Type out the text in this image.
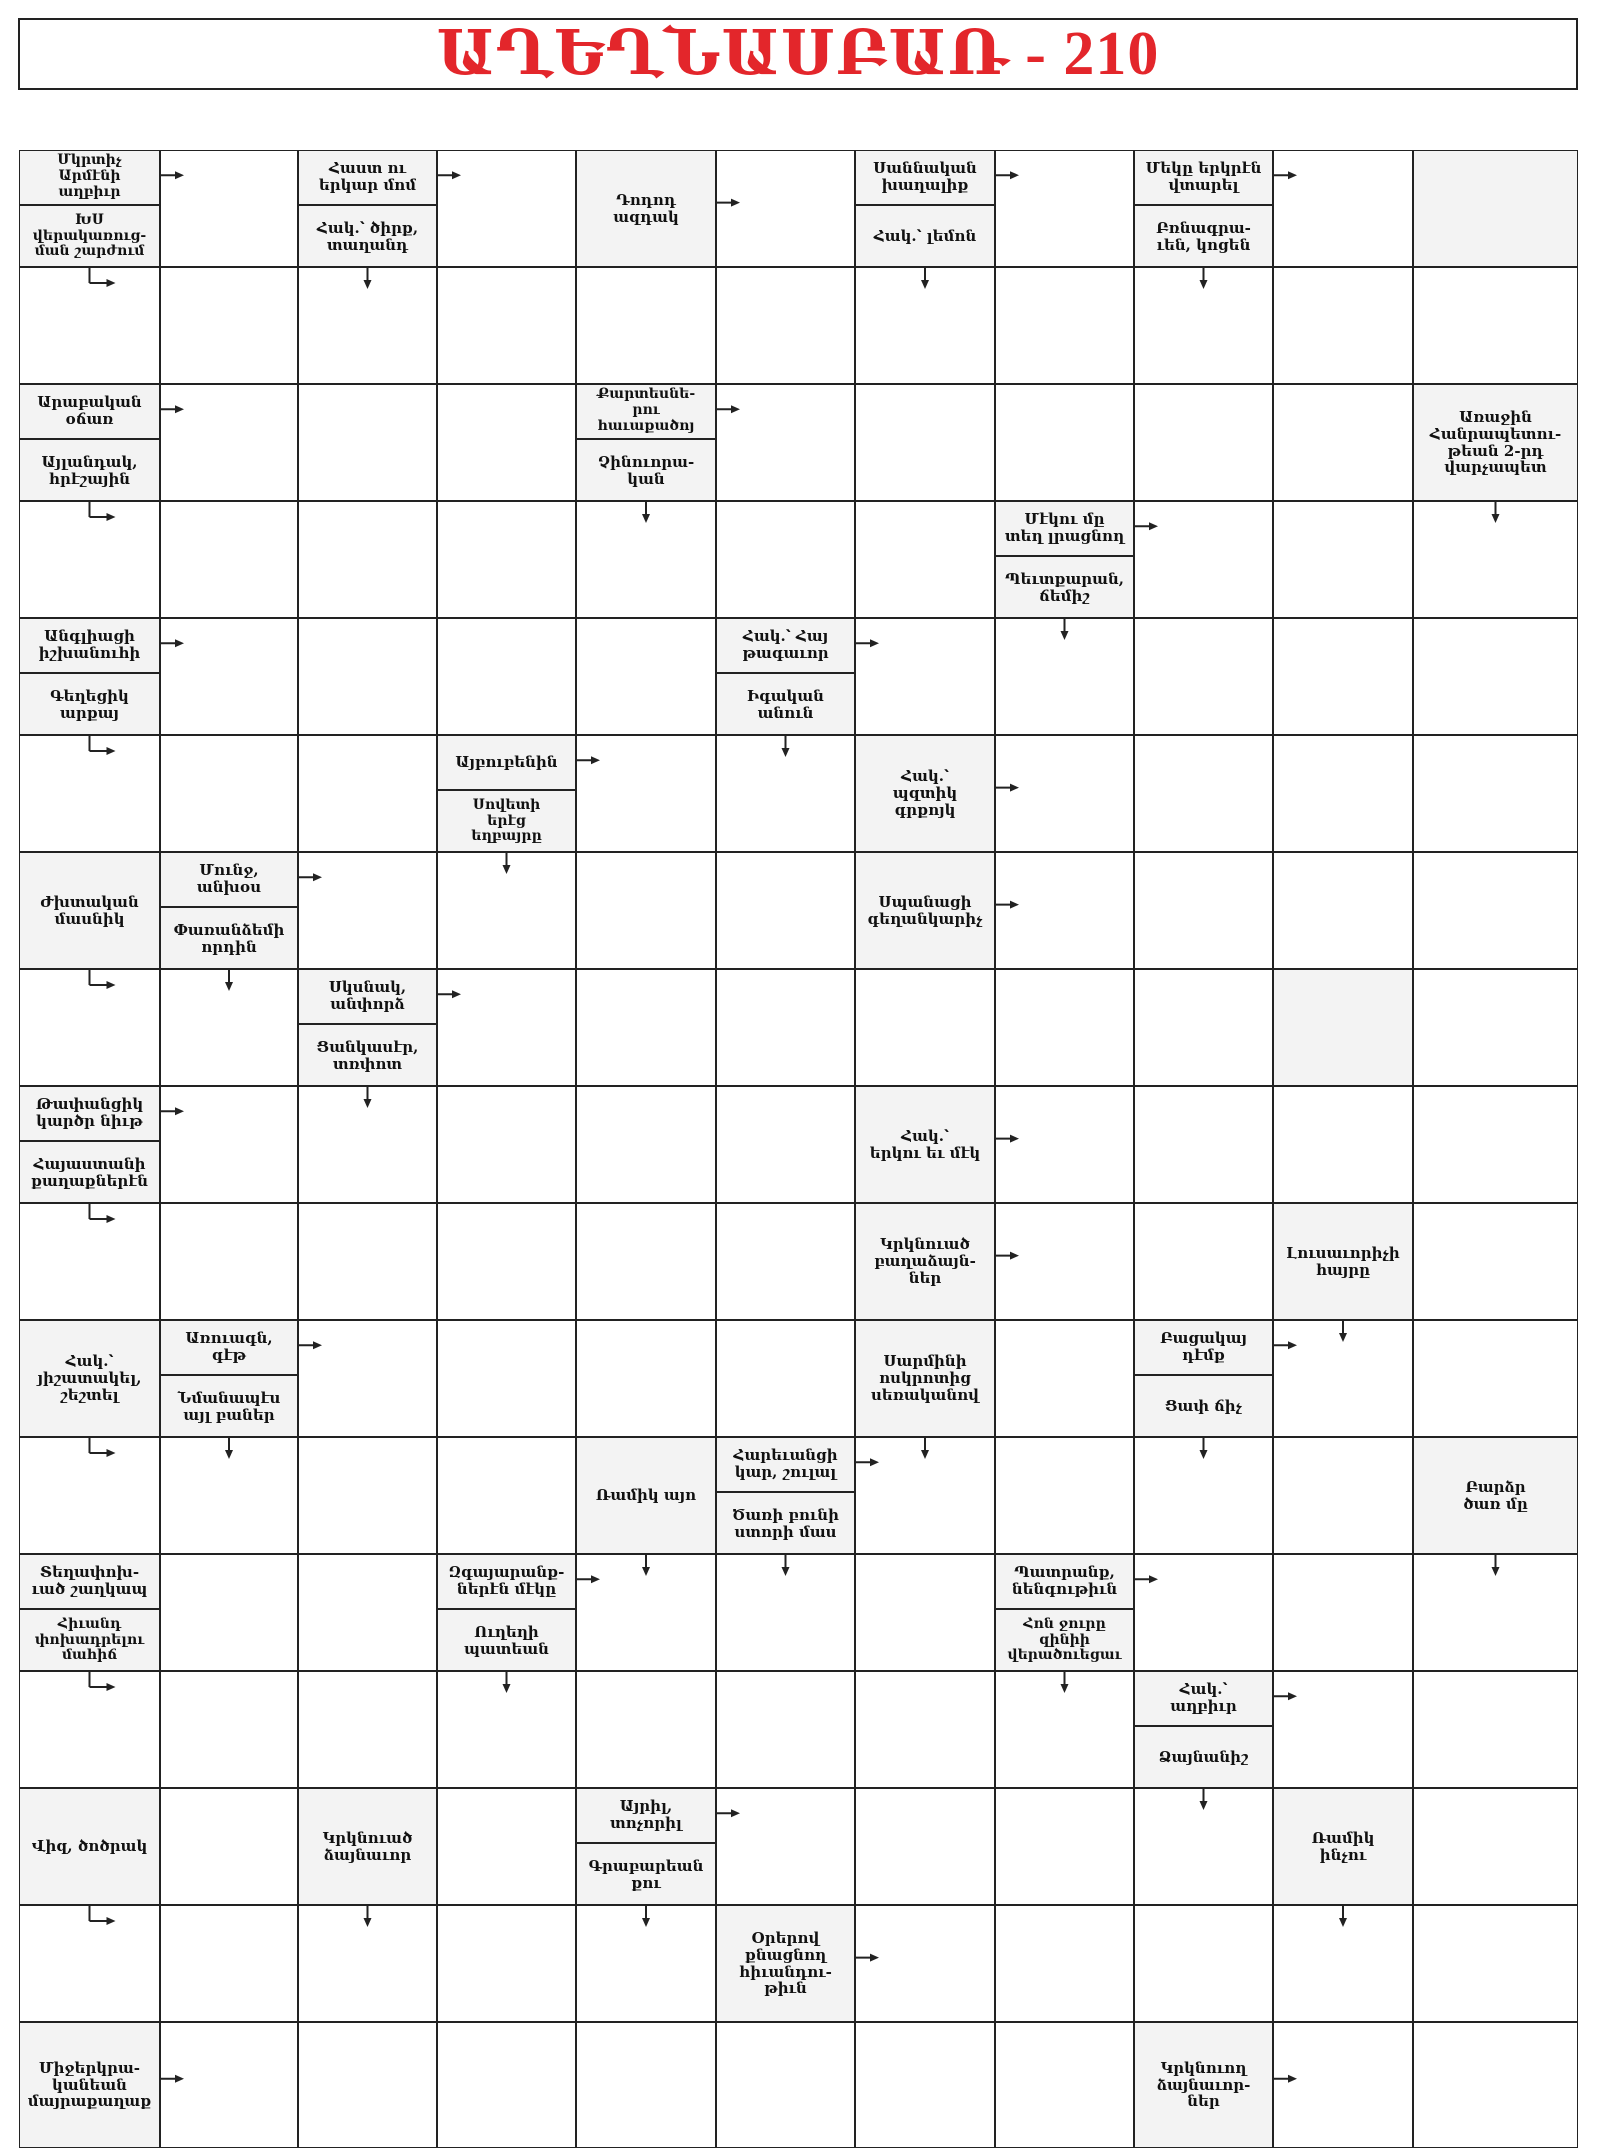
ԱՂԵՂՆԱՍԲԱՌ - 210
Մկրտիչ
Արմէնի
աղբիւր
ԽՍ
վերակառուց-
ման շարժում
Հաստ ու
երկար մոմ
Հակ.՝ ծիրք,
տաղանդ
Դոդոդ
ազդակ
Սաննական
խաղալիք
Հակ.՝ լեմոն
Մեկը երկրէն
վտարել
Բռնագրա-
ւեն, կոցեն
Արաբական
օճառ
Այլանդակ,
հրէշային
Քարտեսնե-
րու
հաւաքածոյ
Չինուորա-
կան
Առաջին
Հանրապետու-
թեան 2-րդ
վարչապետ
Մէկու մը
տեղ լրացնող
Պեւտքարան,
ճեմիշ
Անգլիացի
իշխանուհի
Գեղեցիկ
արքայ
Հակ.՝ Հայ
թագաւոր
Իգական
անուն
Այբուբենին
Սովետի
երէց
եղբայրը
Հակ.՝
պզտիկ
գրքոյկ
Ժխտական
մասնիկ
Մունջ,
անխօս
Փառանձեմի
որդին
Սպանացի
գեղանկարիչ
Սկսնակ,
անփորձ
Ցանկասէր,
տռփոտ
Թափանցիկ
կարծր նիւթ
Հայաստանի
քաղաքներէն
Հակ.՝
երկու եւ մէկ
Կրկնուած
բաղաձայն-
ներ
Լուսաւորիչի
հայրը
Հակ.՝
յիշատակել,
շեշտել
Առուագն,
գէթ
Նմանապէս
այլ բաներ
Սարմինի
ոսկրոտից
սեռականով
Բացակայ
դէմք
Ցափ ճիչ
Ռամիկ այո
Հարեւանցի
կար, շուլալ
Ծառի բունի
ստորի մաս
Բարձր
ծառ մը
Տեղափոխ-
ւած շաղկապ
Հիւանդ
փոխադրելու
մահիճ
Զգայարանք-
ներէն մէկը
Ուղեղի
պատեան
Պատրանք,
նենգութիւն
Հոն ջուրը
զինիի
վերածուեցաւ
Հակ.՝
աղբիւր
Ձայնանիշ
Վիզ, ծոծրակ	Կրկնուած
ձայնաւոր
Այրիլ,
տոչորիլ
Գրաբարեան
քու
Ռամիկ
ինչու
Օրերով
քնացնող
հիւանդու-
թիւն
Միջերկրա-
կանեան
մայրաքաղաք
Կրկնուող
ձայնաւոր-
ներ
